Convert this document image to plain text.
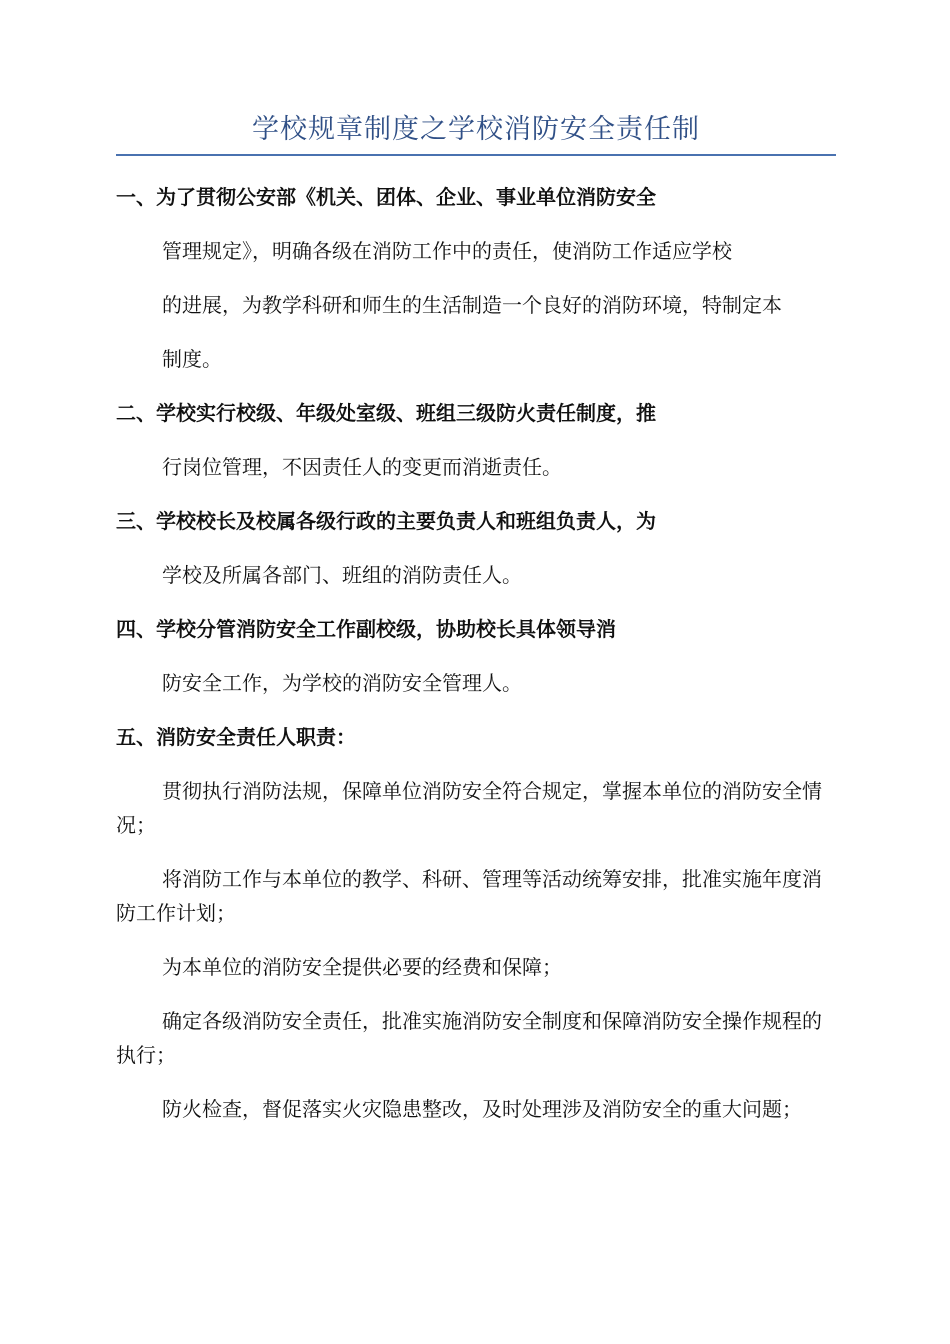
学校规章制度之学校消防安全责任制

一、为了贯彻公安部《机关、团体、企业、事业单位消防安全

管理规定》，明确各级在消防工作中的责任，使消防工作适应学校

的进展，为教学科研和师生的生活制造一个良好的消防环境，特制定本

制度。

二、学校实行校级、年级处室级、班组三级防火责任制度，推

行岗位管理，不因责任人的变更而消逝责任。

三、学校校长及校属各级行政的主要负责人和班组负责人，为

学校及所属各部门、班组的消防责任人。

四、学校分管消防安全工作副校级，协助校长具体领导消

防安全工作，为学校的消防安全管理人。

五、消防安全责任人职责：

贯彻执行消防法规，保障单位消防安全符合规定，掌握本单位的消防安全情况；

将消防工作与本单位的教学、科研、管理等活动统筹安排，批准实施年度消防工作计划；

为本单位的消防安全提供必要的经费和保障；

确定各级消防安全责任，批准实施消防安全制度和保障消防安全操作规程的执行；

防火检查，督促落实火灾隐患整改，及时处理涉及消防安全的重大问题；
